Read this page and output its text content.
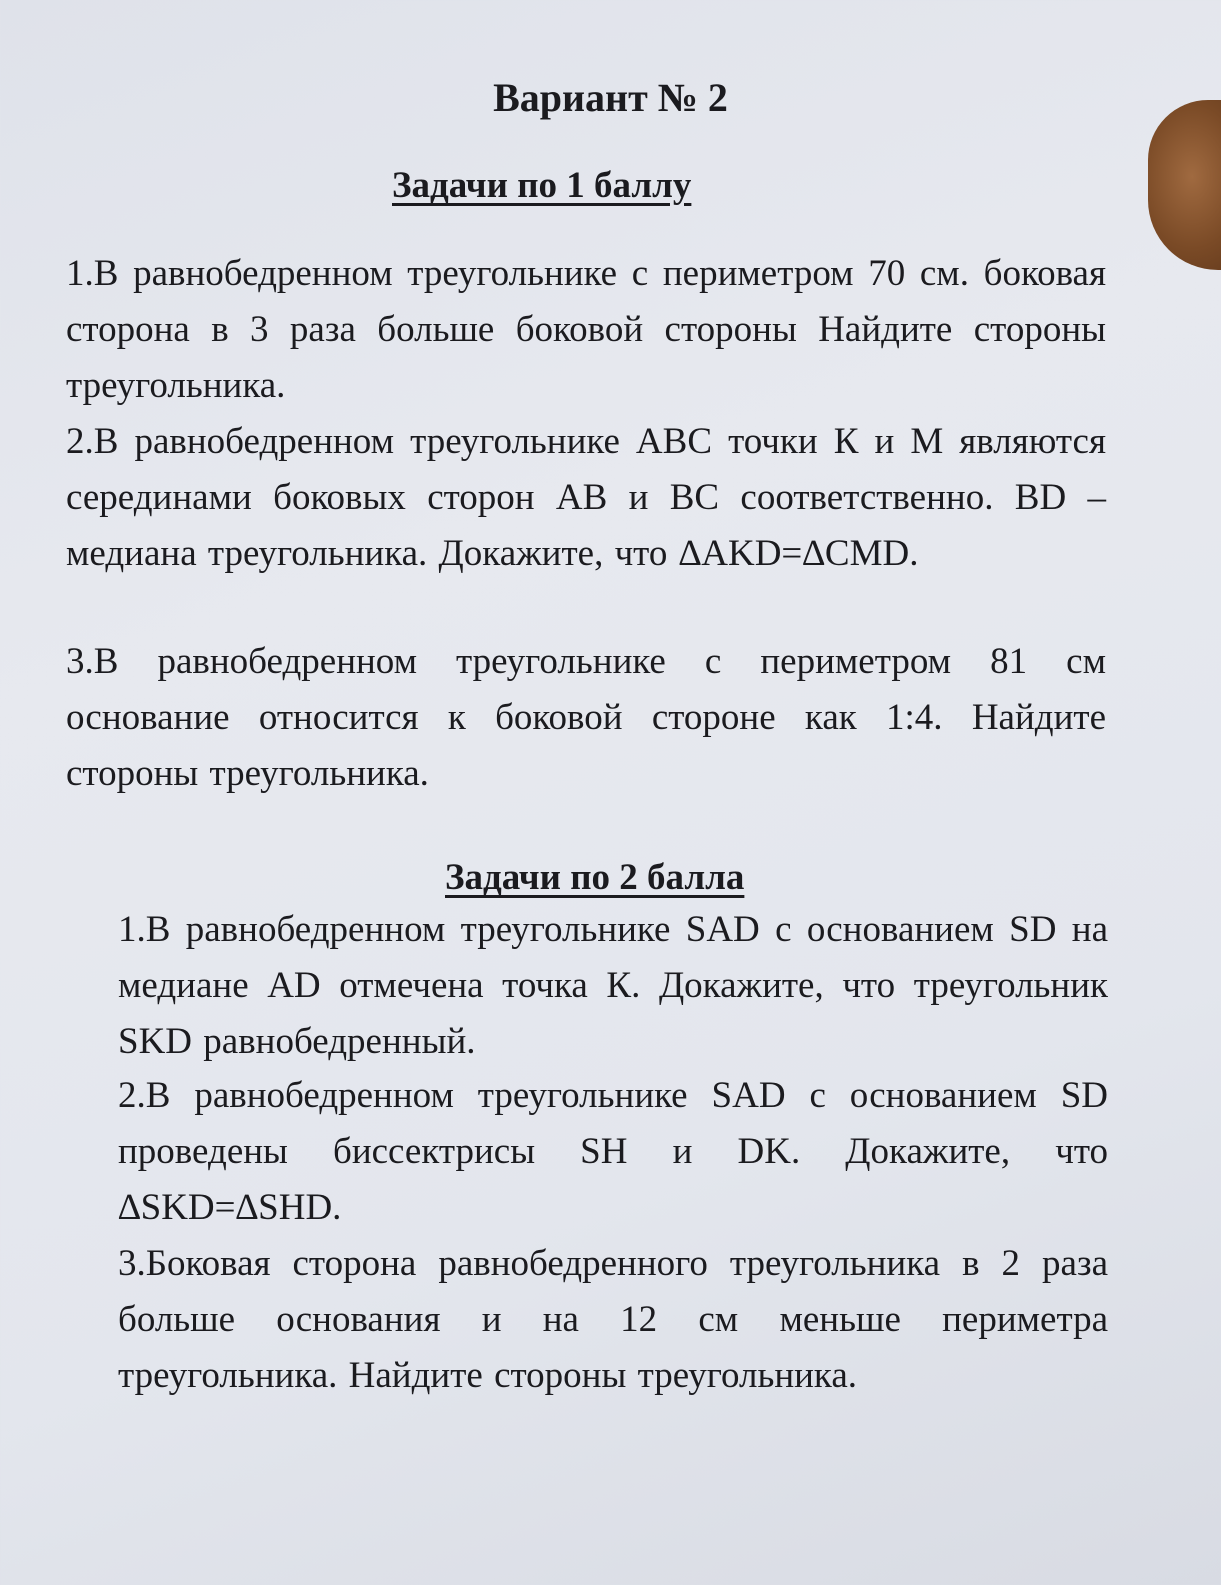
Вариант № 2
Задачи по 1 баллу
1.В равнобедренном треугольнике с периметром 70 см. боковая сторона в 3 раза больше боковой стороны Найдите стороны треугольника.
2.В равнобедренном треугольнике АВС точки К и М являются серединами боковых сторон АВ и ВС соответственно. BD – медиана треугольника. Докажите, что ∆AKD=∆CMD.
3.В равнобедренном треугольнике с периметром 81 см основание относится к боковой стороне как 1:4. Найдите стороны треугольника.
Задачи по 2 балла
1.В равнобедренном треугольнике SAD с основанием SD на медиане AD отмечена точка К. Докажите, что треугольник SKD равнобедренный.
2.В равнобедренном треугольнике SAD с основанием SD проведены биссектрисы SH и DK. Докажите, что ∆SKD=∆SHD.
3.Боковая сторона равнобедренного треугольника в 2 раза больше основания и на 12 см меньше периметра треугольника. Найдите стороны треугольника.
